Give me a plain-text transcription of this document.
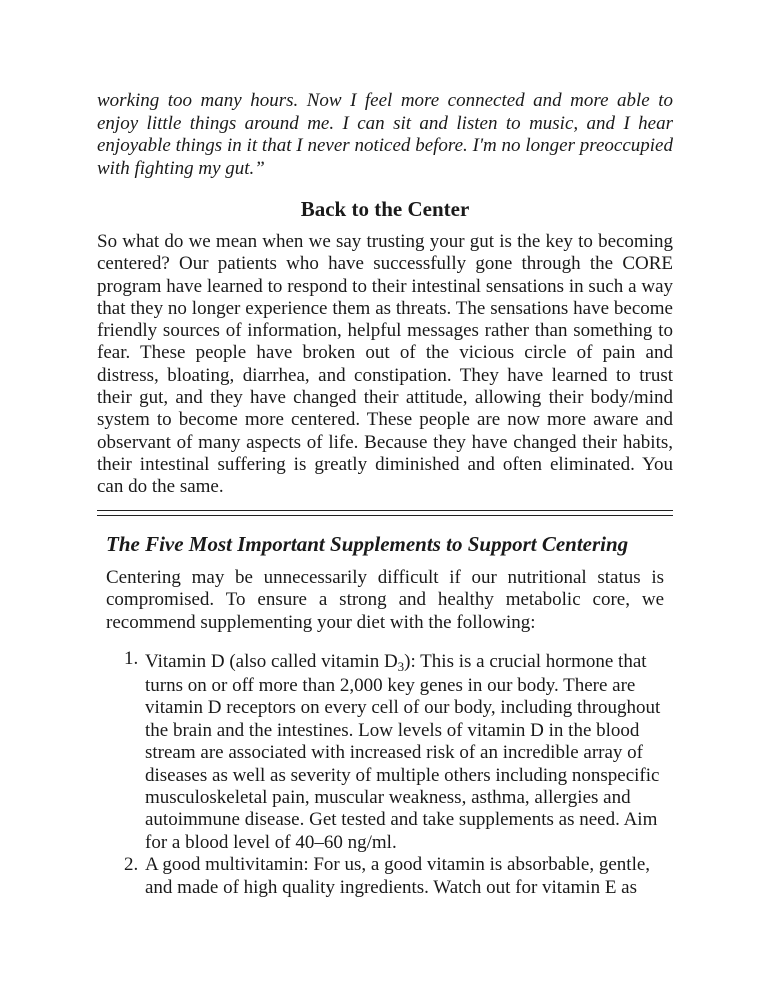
working too many hours. Now I feel more connected and more able to enjoy little things around me. I can sit and listen to music, and I hear enjoyable things in it that I never noticed before. I'm no longer preoccupied with fighting my gut.”

Back to the Center

So what do we mean when we say trusting your gut is the key to becoming centered? Our patients who have successfully gone through the CORE program have learned to respond to their intestinal sensations in such a way that they no longer experience them as threats. The sensations have become friendly sources of information, helpful messages rather than something to fear. These people have broken out of the vicious circle of pain and distress, bloating, diarrhea, and constipation. They have learned to trust their gut, and they have changed their attitude, allowing their body/mind system to become more centered. These people are now more aware and observant of many aspects of life. Because they have changed their habits, their intestinal suffering is greatly diminished and often eliminated. You can do the same.

The Five Most Important Supplements to Support Centering

Centering may be unnecessarily difficult if our nutritional status is compromised. To ensure a strong and healthy metabolic core, we recommend supplementing your diet with the following:

1. Vitamin D (also called vitamin $D_3$): This is a crucial hormone that
turns on or off more than 2,000 key genes in our body. There are vitamin D receptors on every cell of our body, including throughout the brain and the intestines. Low levels of vitamin D in the blood stream are associated with increased risk of an incredible array of diseases as well as severity of multiple others including nonspecific musculoskeletal pain, muscular weakness, asthma, allergies and autoimmune disease. Get tested and take supplements as need. Aim for a blood level of 40–60 ng/ml.
2. A good multivitamin: For us, a good vitamin is absorbable, gentle, and made of high quality ingredients. Watch out for vitamin E as
